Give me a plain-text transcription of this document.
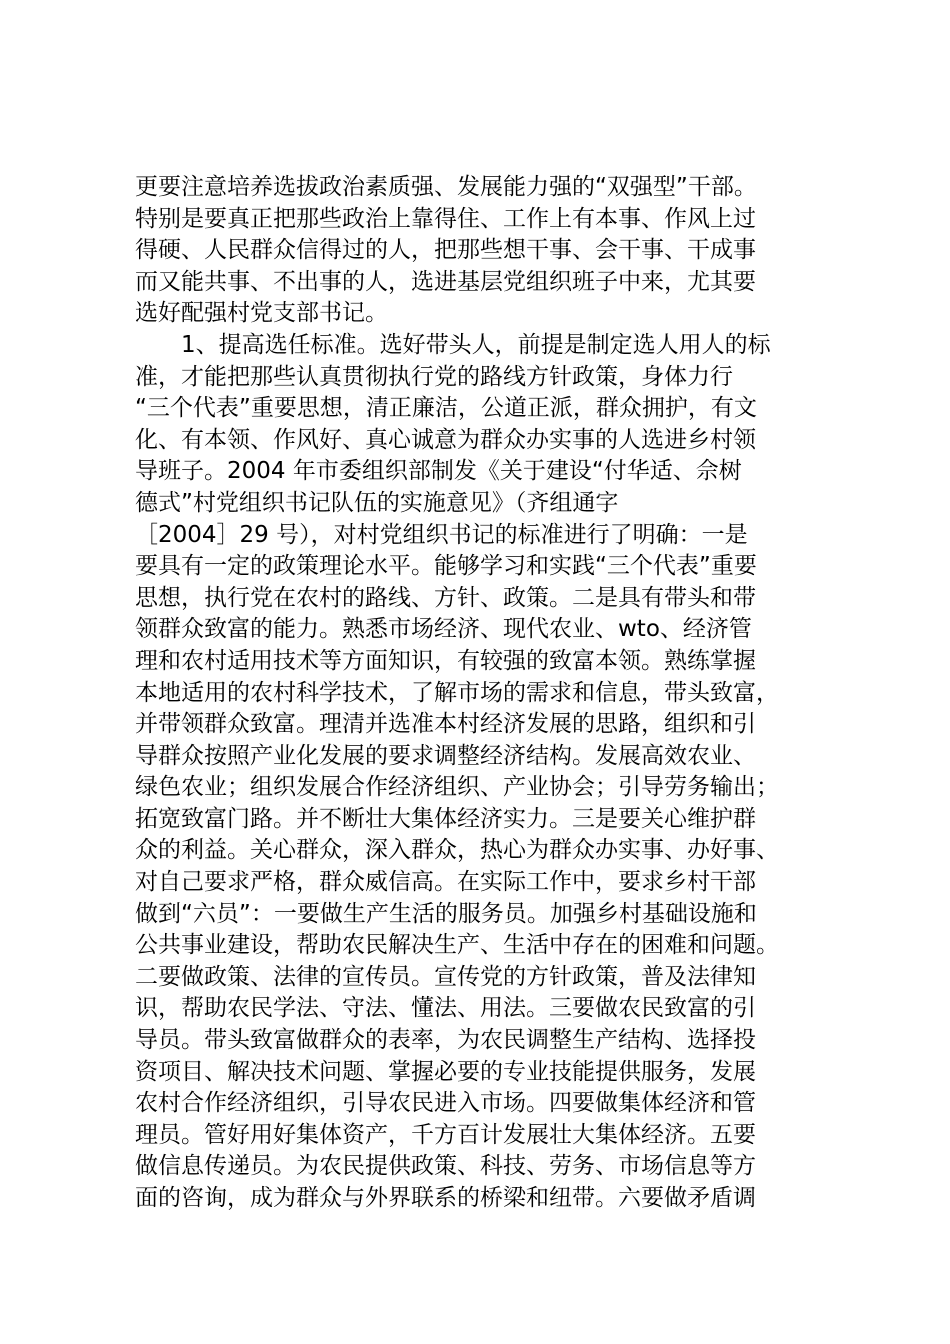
更要注意培养选拔政治素质强、发展能力强的“双强型”干部。
特别是要真正把那些政治上靠得住、工作上有本事、作风上过
得硬、人民群众信得过的人，把那些想干事、会干事、干成事
而又能共事、不出事的人，选进基层党组织班子中来，尤其要
选好配强村党支部书记。
1、提高选任标准。选好带头人，前提是制定选人用人的标
准，才能把那些认真贯彻执行党的路线方针政策，身体力行
“三个代表”重要思想，清正廉洁，公道正派，群众拥护，有文
化、有本领、作风好、真心诚意为群众办实事的人选进乡村领
导班子。2004 年市委组织部制发《关于建设“付华适、佘树
德式”村党组织书记队伍的实施意见》（齐组通字
［2004］29 号），对村党组织书记的标准进行了明确：一是
要具有一定的政策理论水平。能够学习和实践“三个代表”重要
思想，执行党在农村的路线、方针、政策。二是具有带头和带
领群众致富的能力。熟悉市场经济、现代农业、wto、经济管
理和农村适用技术等方面知识，有较强的致富本领。熟练掌握
本地适用的农村科学技术，了解市场的需求和信息，带头致富，
并带领群众致富。理清并选准本村经济发展的思路，组织和引
导群众按照产业化发展的要求调整经济结构。发展高效农业、
绿色农业；组织发展合作经济组织、产业协会；引导劳务输出；
拓宽致富门路。并不断壮大集体经济实力。三是要关心维护群
众的利益。关心群众，深入群众，热心为群众办实事、办好事、
对自己要求严格，群众威信高。在实际工作中，要求乡村干部
做到“六员”：一要做生产生活的服务员。加强乡村基础设施和
公共事业建设，帮助农民解决生产、生活中存在的困难和问题。
二要做政策、法律的宣传员。宣传党的方针政策，普及法律知
识，帮助农民学法、守法、懂法、用法。三要做农民致富的引
导员。带头致富做群众的表率，为农民调整生产结构、选择投
资项目、解决技术问题、掌握必要的专业技能提供服务，发展
农村合作经济组织，引导农民进入市场。四要做集体经济和管
理员。管好用好集体资产，千方百计发展壮大集体经济。五要
做信息传递员。为农民提供政策、科技、劳务、市场信息等方
面的咨询，成为群众与外界联系的桥梁和纽带。六要做矛盾调
